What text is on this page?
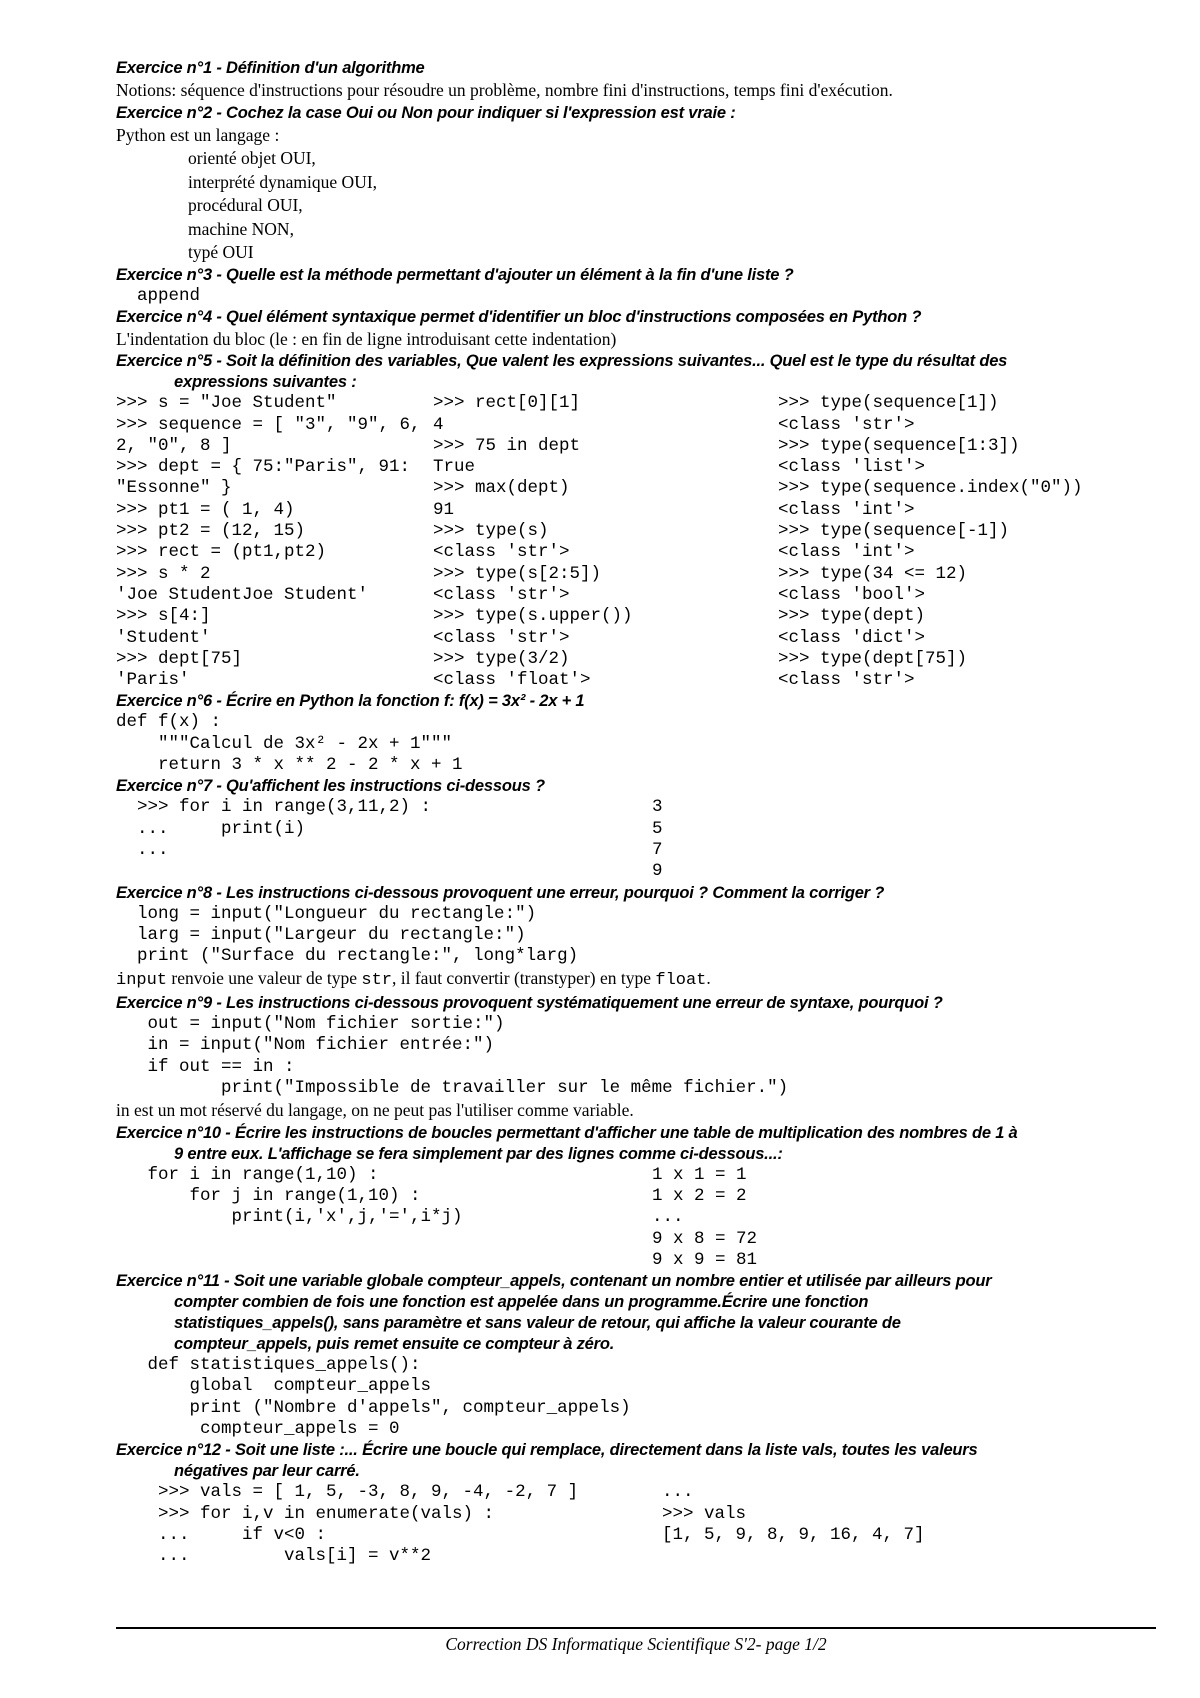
Exercice n°1 - Définition d'un algorithme

Notions: séquence d'instructions pour résoudre un problème, nombre fini d'instructions, temps fini d'exécution.

Exercice n°2 - Cochez la case Oui ou Non pour indiquer si l'expression est vraie :

Python est un langage :

orienté objet OUI,

interprété dynamique OUI,

procédural OUI,

machine NON,

typé OUI

Exercice n°3 - Quelle est la méthode permettant d'ajouter un élément à la fin d'une liste ?

append

Exercice n°4 - Quel élément syntaxique permet d'identifier un bloc d'instructions composées en Python ?

L'indentation du bloc (le : en fin de ligne introduisant cette indentation)

Exercice n°5 - Soit la définition des variables, Que valent les expressions suivantes... Quel est le type du résultat des
expressions suivantes :

>>> s = "Joe Student"
>>> sequence = [ "3", "9", 6,
2, "0", 8 ]
>>> dept = { 75:"Paris", 91:
"Essonne" }
>>> pt1 = ( 1, 4)
>>> pt2 = (12, 15)
>>> rect = (pt1,pt2)
>>> s * 2
'Joe StudentJoe Student'
>>> s[4:]
'Student'
>>> dept[75]
'Paris'
>>> rect[0][1]
4
>>> 75 in dept
True
>>> max(dept)
91
>>> type(s)
<class 'str'>
>>> type(s[2:5])
<class 'str'>
>>> type(s.upper())
<class 'str'>
>>> type(3/2)
<class 'float'>
>>> type(sequence[1])
<class 'str'>
>>> type(sequence[1:3])
<class 'list'>
>>> type(sequence.index("0"))
<class 'int'>
>>> type(sequence[-1])
<class 'int'>
>>> type(34 <= 12)
<class 'bool'>
>>> type(dept)
<class 'dict'>
>>> type(dept[75])
<class 'str'>

Exercice n°6 - Écrire en Python la fonction f: f(x) = 3x² - 2x + 1

def f(x) :
"""Calcul de 3x² - 2x + 1"""
return 3 * x ** 2 - 2 * x + 1

Exercice n°7 - Qu'affichent les instructions ci-dessous ?

>>> for i in range(3,11,2) :
...     print(i)
...
3
5
7
9

Exercice n°8 - Les instructions ci-dessous provoquent une erreur, pourquoi ? Comment la corriger ?

long = input("Longueur du rectangle:")
larg = input("Largeur du rectangle:")
print ("Surface du rectangle:", long*larg)

input renvoie une valeur de type str, il faut convertir (transtyper) en type float.

Exercice n°9 - Les instructions ci-dessous provoquent systématiquement une erreur de syntaxe, pourquoi ?

out = input("Nom fichier sortie:")
in = input("Nom fichier entrée:")
if out == in :
print("Impossible de travailler sur le même fichier.")

in est un mot réservé du langage, on ne peut pas l'utiliser comme variable.

Exercice n°10 - Écrire les instructions de boucles permettant d'afficher une table de multiplication des nombres de 1 à
9 entre eux. L'affichage se fera simplement par des lignes comme ci-dessous...:

for i in range(1,10) :
for j in range(1,10) :
print(i,'x',j,'=',i*j)
1 x 1 = 1
1 x 2 = 2
...
9 x 8 = 72
9 x 9 = 81

Exercice n°11 - Soit une variable globale compteur_appels, contenant un nombre entier et utilisée par ailleurs pour
compter combien de fois une fonction est appelée dans un programme.Écrire une fonction statistiques_appels(), sans paramètre et sans valeur de retour, qui affiche la valeur courante de compteur_appels, puis remet ensuite ce compteur à zéro.

def statistiques_appels():
global  compteur_appels
print ("Nombre d'appels", compteur_appels)
compteur_appels = 0

Exercice n°12 - Soit une liste :... Écrire une boucle qui remplace, directement dans la liste vals, toutes les valeurs
négatives par leur carré.

>>> vals = [ 1, 5, -3, 8, 9, -4, -2, 7 ]
>>> for i,v in enumerate(vals) :
...     if v<0 :
...         vals[i] = v**2
...
>>> vals
[1, 5, 9, 8, 9, 16, 4, 7]
Correction DS Informatique Scientifique S'2- page 1/2
